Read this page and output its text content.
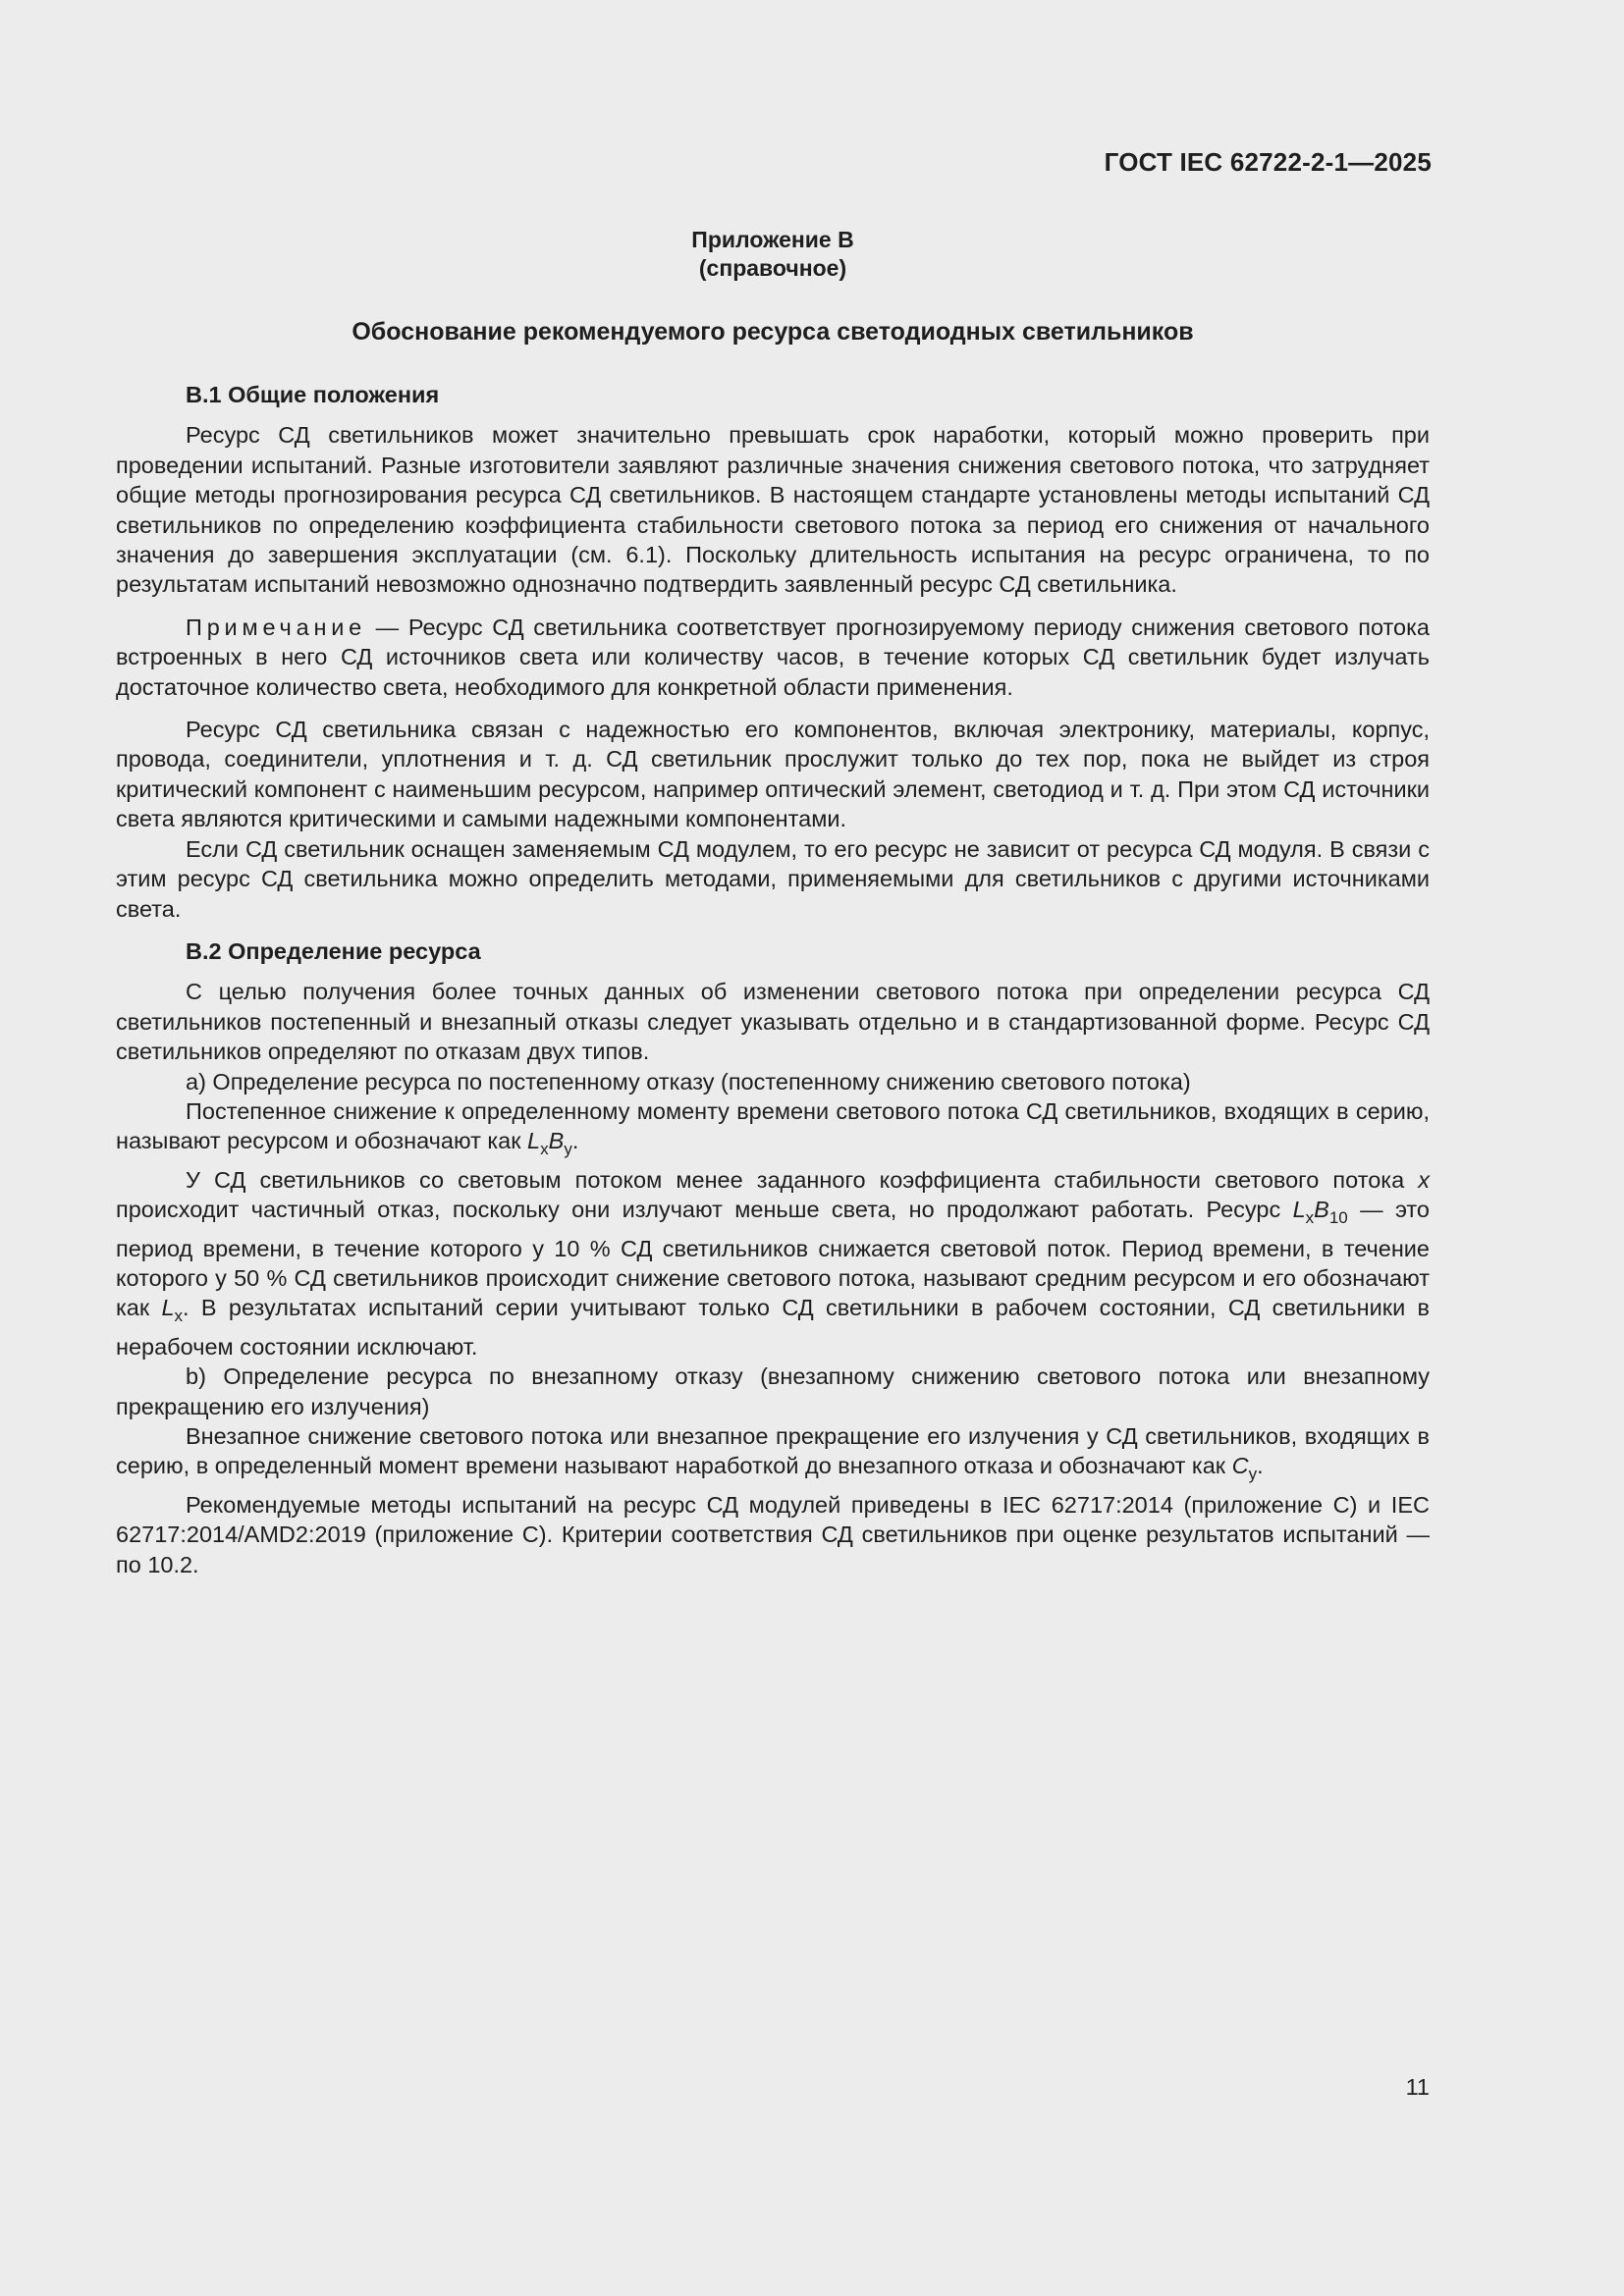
ГОСТ IEC 62722-2-1—2025
Приложение В
(справочное)
Обоснование рекомендуемого ресурса светодиодных светильников
В.1 Общие положения

Ресурс СД светильников может значительно превышать срок наработки, который можно проверить при проведении испытаний. Разные изготовители заявляют различные значения снижения светового потока, что затрудняет общие методы прогнозирования ресурса СД светильников. В настоящем стандарте установлены методы испытаний СД светильников по определению коэффициента стабильности светового потока за период его снижения от начального значения до завершения эксплуатации (см. 6.1). Поскольку длительность испытания на ресурс ограничена, то по результатам испытаний невозможно однозначно подтвердить заявленный ресурс СД светильника.

Примечание — Ресурс СД светильника соответствует прогнозируемому периоду снижения светового потока встроенных в него СД источников света или количеству часов, в течение которых СД светильник будет излучать достаточное количество света, необходимого для конкретной области применения.

Ресурс СД светильника связан с надежностью его компонентов, включая электронику, материалы, корпус, провода, соединители, уплотнения и т. д. СД светильник прослужит только до тех пор, пока не выйдет из строя критический компонент с наименьшим ресурсом, например оптический элемент, светодиод и т. д. При этом СД источники света являются критическими и самыми надежными компонентами.

Если СД светильник оснащен заменяемым СД модулем, то его ресурс не зависит от ресурса СД модуля. В связи с этим ресурс СД светильника можно определить методами, применяемыми для светильников с другими источниками света.

В.2 Определение ресурса

С целью получения более точных данных об изменении светового потока при определении ресурса СД светильников постепенный и внезапный отказы следует указывать отдельно и в стандартизованной форме. Ресурс СД светильников определяют по отказам двух типов.

а) Определение ресурса по постепенному отказу (постепенному снижению светового потока)

Постепенное снижение к определенному моменту времени светового потока СД светильников, входящих в серию, называют ресурсом и обозначают как $L_xB_y$.

У СД светильников со световым потоком менее заданного коэффициента стабильности светового потока x происходит частичный отказ, поскольку они излучают меньше света, но продолжают работать. Ресурс $L_xB_{10}$ — это период времени, в течение которого у 10 % СД светильников снижается световой поток. Период времени, в течение которого у 50 % СД светильников происходит снижение светового потока, называют средним ресурсом и его обозначают как $L_x$. В результатах испытаний серии учитывают только СД светильники в рабочем состоянии, СД светильники в нерабочем состоянии исключают.

b) Определение ресурса по внезапному отказу (внезапному снижению светового потока или внезапному прекращению его излучения)

Внезапное снижение светового потока или внезапное прекращение его излучения у СД светильников, входящих в серию, в определенный момент времени называют наработкой до внезапного отказа и обозначают как $C_y$.

Рекомендуемые методы испытаний на ресурс СД модулей приведены в IEC 62717:2014 (приложение С) и IEC 62717:2014/AMD2:2019 (приложение С). Критерии соответствия СД светильников при оценке результатов испытаний — по 10.2.

11
